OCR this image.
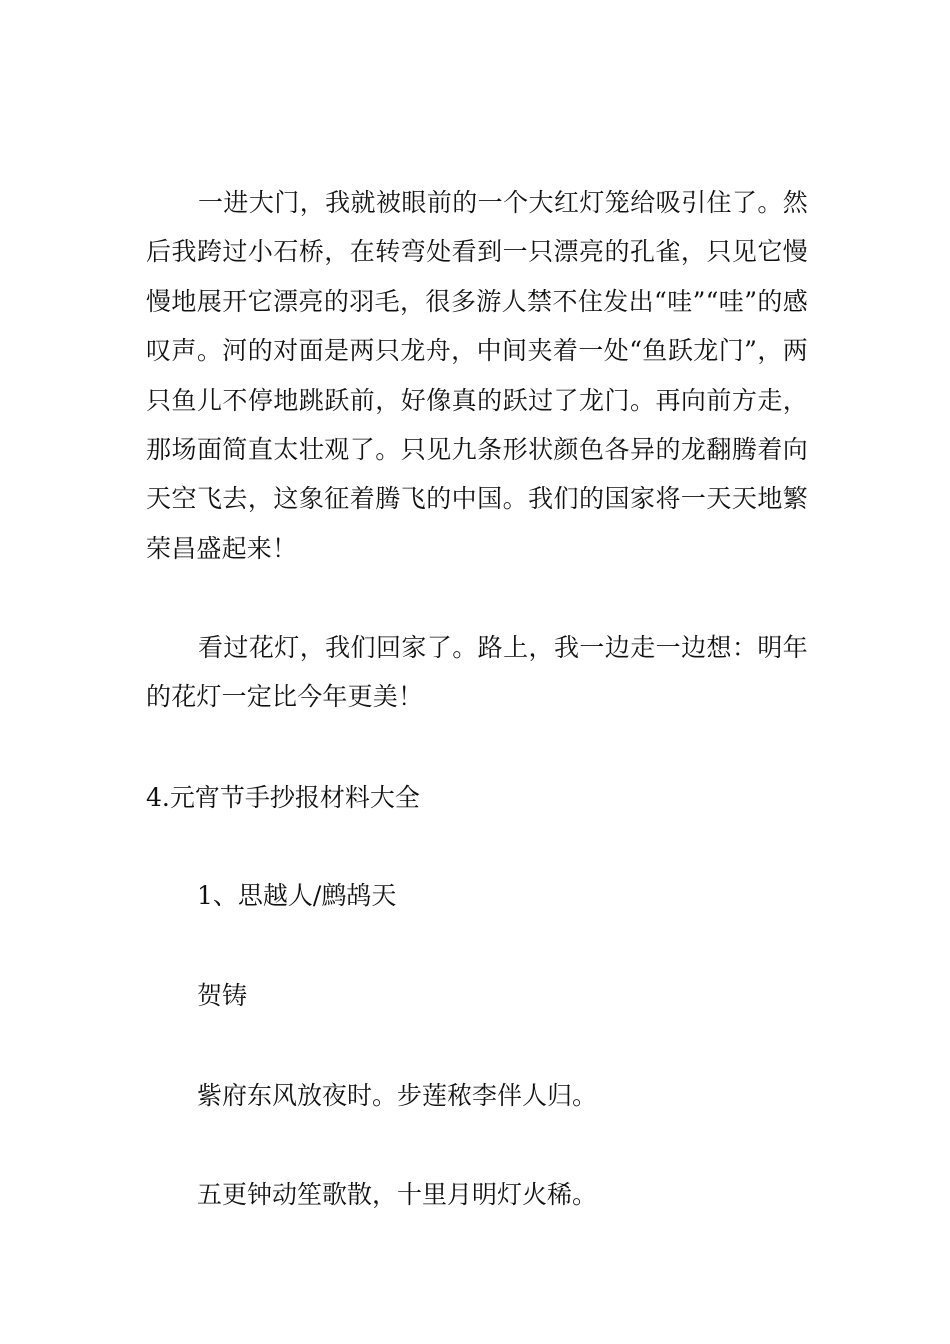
一进大门，我就被眼前的一个大红灯笼给吸引住了。然后我跨过小石桥，在转弯处看到一只漂亮的孔雀，只见它慢慢地展开它漂亮的羽毛，很多游人禁不住发出“哇”“哇”的感叹声。河的对面是两只龙舟，中间夹着一处“鱼跃龙门”，两只鱼儿不停地跳跃前，好像真的跃过了龙门。再向前方走，那场面简直太壮观了。只见九条形状颜色各异的龙翻腾着向天空飞去，这象征着腾飞的中国。我们的国家将一天天地繁荣昌盛起来！

看过花灯，我们回家了。路上，我一边走一边想：明年的花灯一定比今年更美！

4.元宵节手抄报材料大全

1、思越人/鹧鸪天

贺铸

紫府东风放夜时。步莲秾李伴人归。

五更钟动笙歌散，十里月明灯火稀。
